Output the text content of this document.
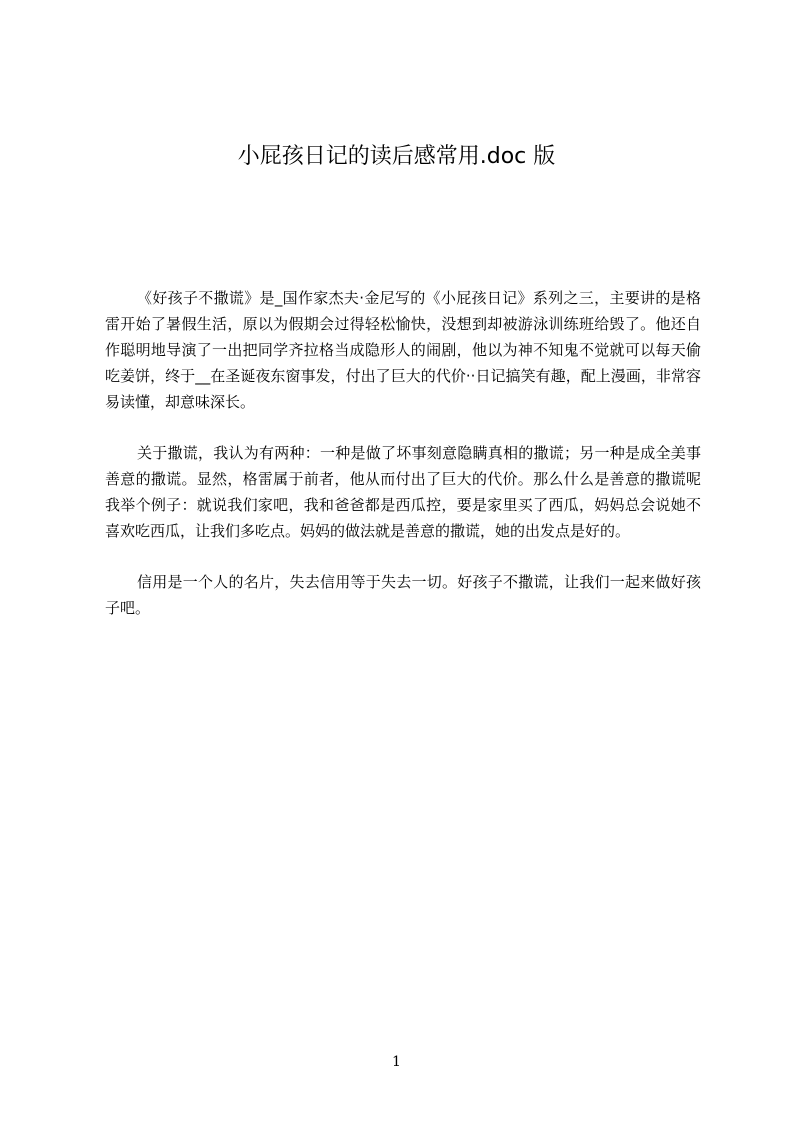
小屁孩日记的读后感常用.doc 版

《好孩子不撒谎》是_国作家杰夫·金尼写的《小屁孩日记》系列之三，主要讲的是格雷开始了暑假生活，原以为假期会过得轻松愉快，没想到却被游泳训练班给毁了。他还自作聪明地导演了一出把同学齐拉格当成隐形人的闹剧，他以为神不知鬼不觉就可以每天偷吃姜饼，终于__在圣诞夜东窗事发，付出了巨大的代价··日记搞笑有趣，配上漫画，非常容易读懂，却意味深长。

关于撒谎，我认为有两种：一种是做了坏事刻意隐瞒真相的撒谎；另一种是成全美事善意的撒谎。显然，格雷属于前者，他从而付出了巨大的代价。那么什么是善意的撒谎呢我举个例子：就说我们家吧，我和爸爸都是西瓜控，要是家里买了西瓜，妈妈总会说她不喜欢吃西瓜，让我们多吃点。妈妈的做法就是善意的撒谎，她的出发点是好的。

信用是一个人的名片，失去信用等于失去一切。好孩子不撒谎，让我们一起来做好孩子吧。

1
